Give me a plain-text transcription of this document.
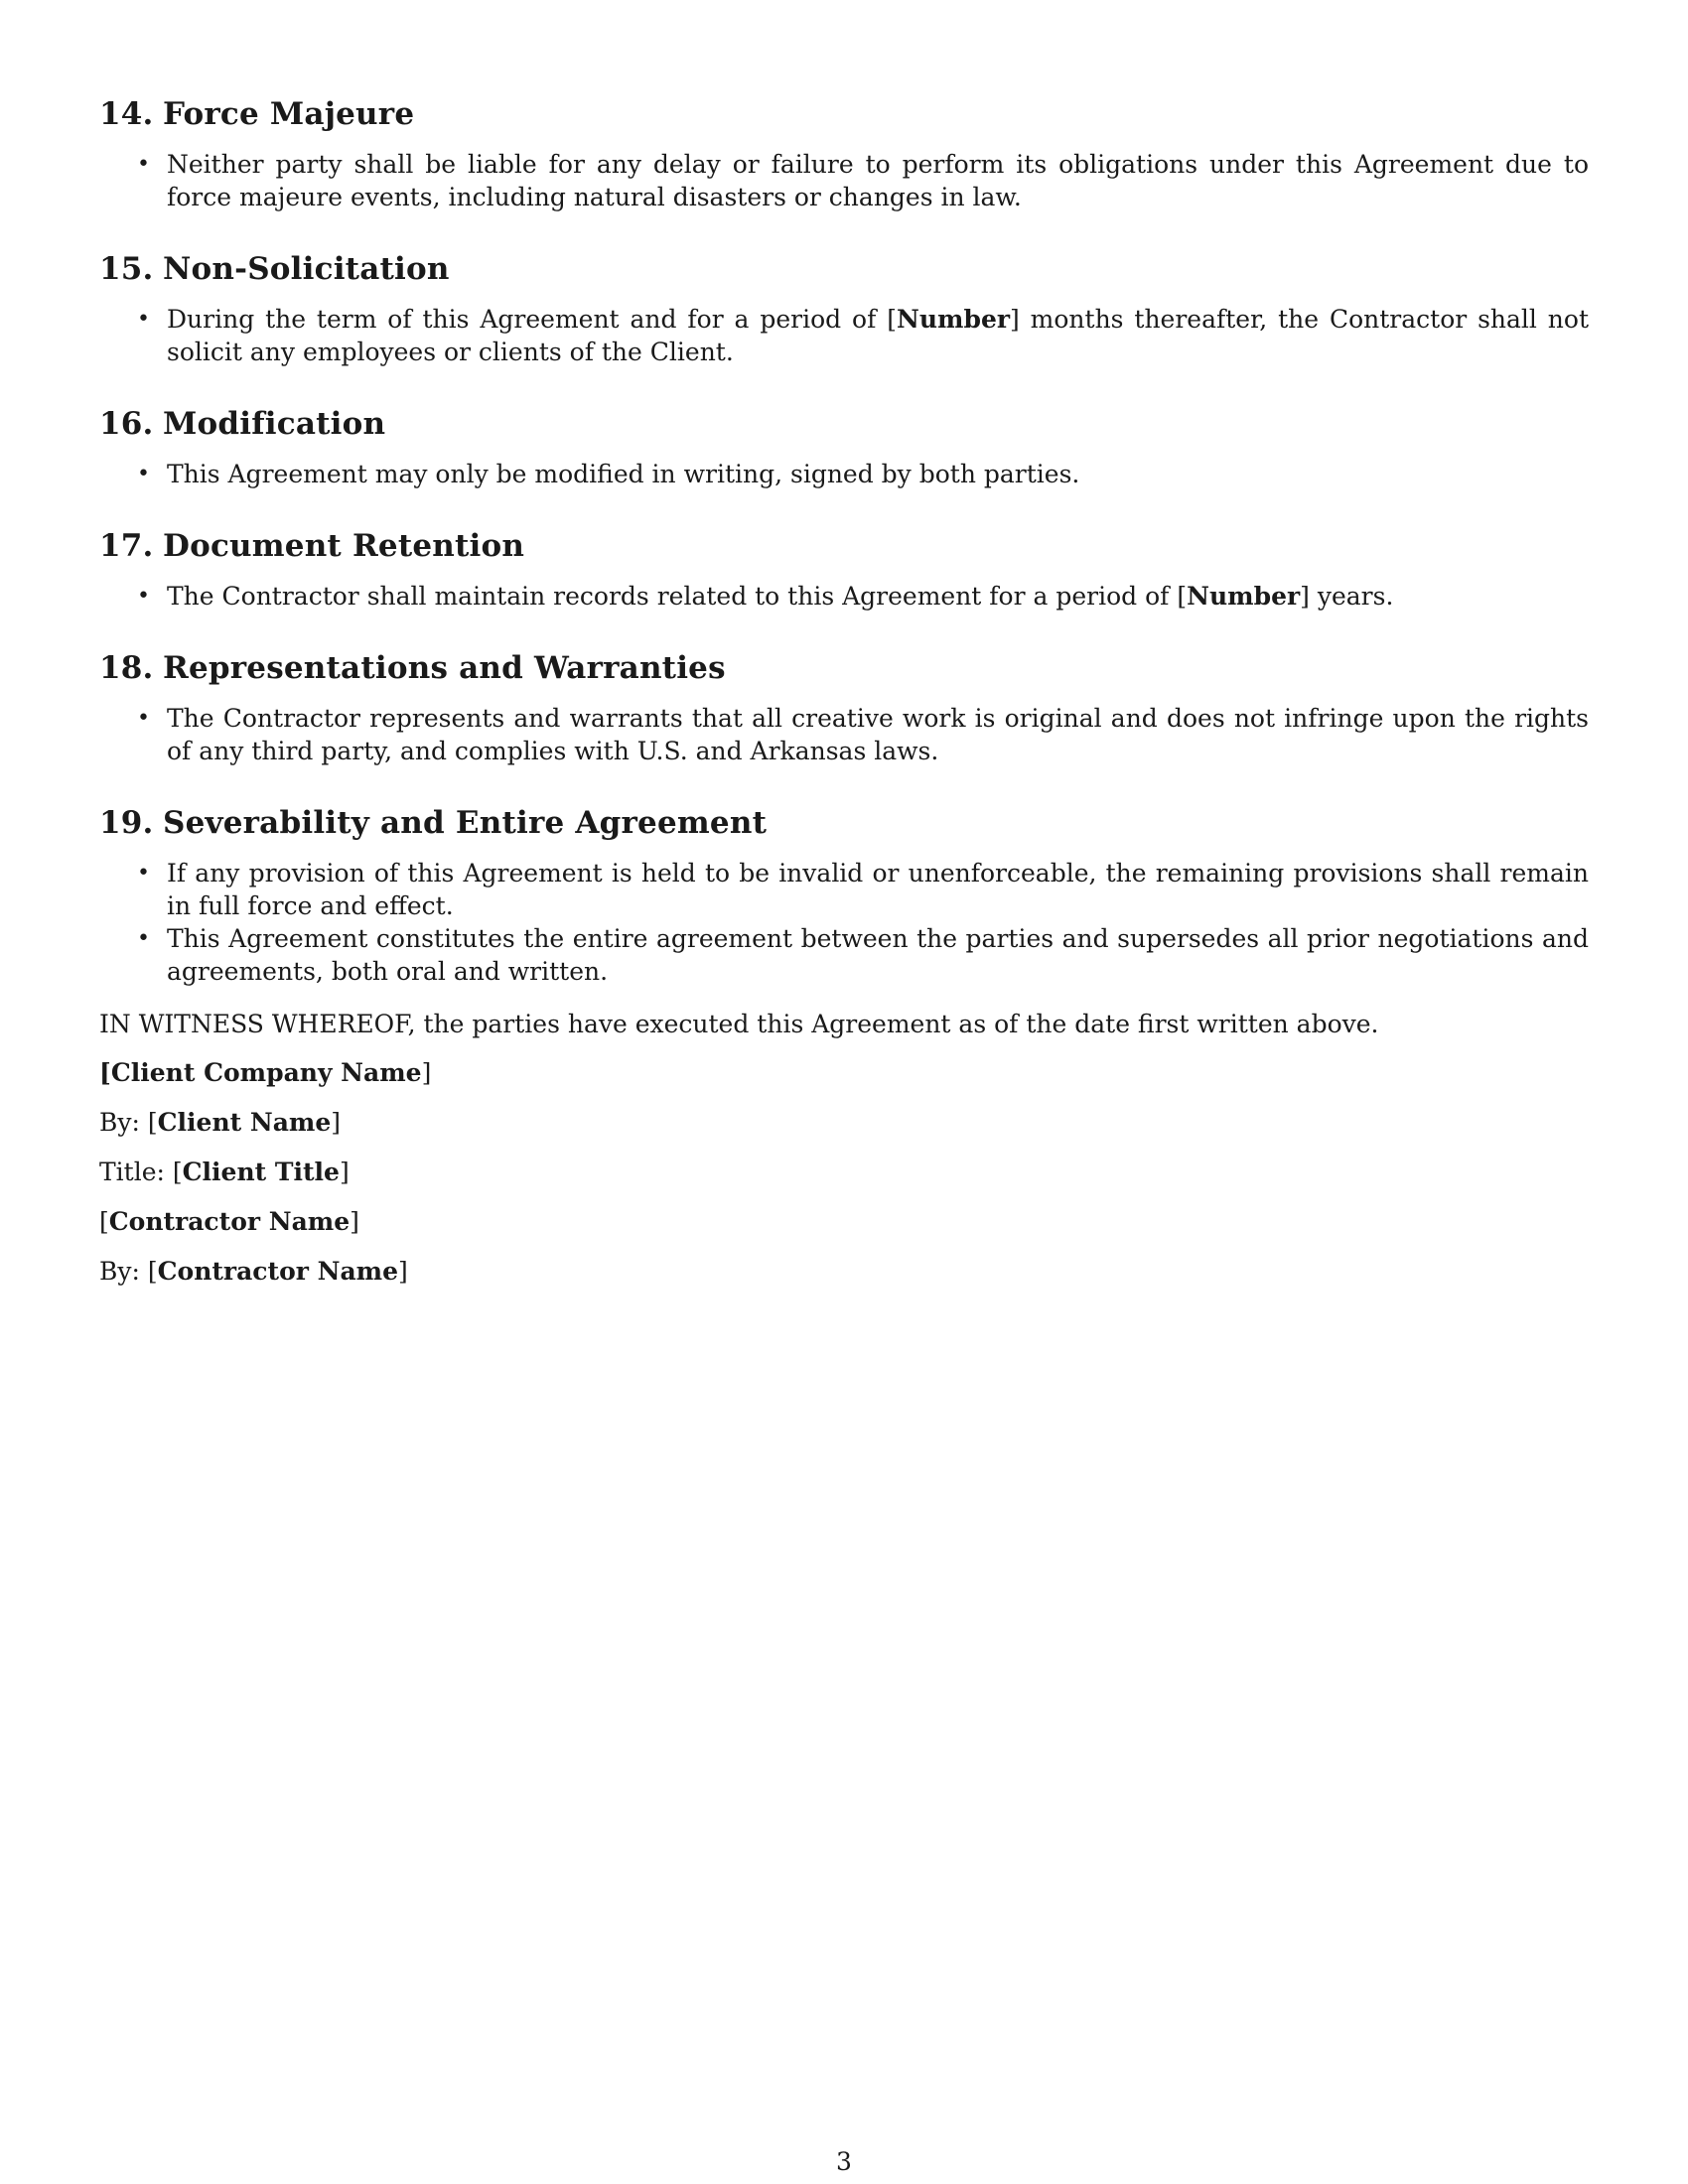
14. Force Majeure
• Neither party shall be liable for any delay or failure to perform its obligations under this Agreement due to force majeure events, including natural disasters or changes in law.
15. Non-Solicitation
• During the term of this Agreement and for a period of [Number] months thereafter, the Contractor shall not solicit any employees or clients of the Client.
16. Modification
• This Agreement may only be modified in writing, signed by both parties.
17. Document Retention
• The Contractor shall maintain records related to this Agreement for a period of [Number] years.
18. Representations and Warranties
• The Contractor represents and warrants that all creative work is original and does not infringe upon the rights of any third party, and complies with U.S. and Arkansas laws.
19. Severability and Entire Agreement
• If any provision of this Agreement is held to be invalid or unenforceable, the remaining provisions shall remain in full force and effect.
• This Agreement constitutes the entire agreement between the parties and supersedes all prior negotiations and agreements, both oral and written.

IN WITNESS WHEREOF, the parties have executed this Agreement as of the date first written above.

[Client Company Name]
By: [Client Name]
Title: [Client Title]
[Contractor Name]
By: [Contractor Name]
3
